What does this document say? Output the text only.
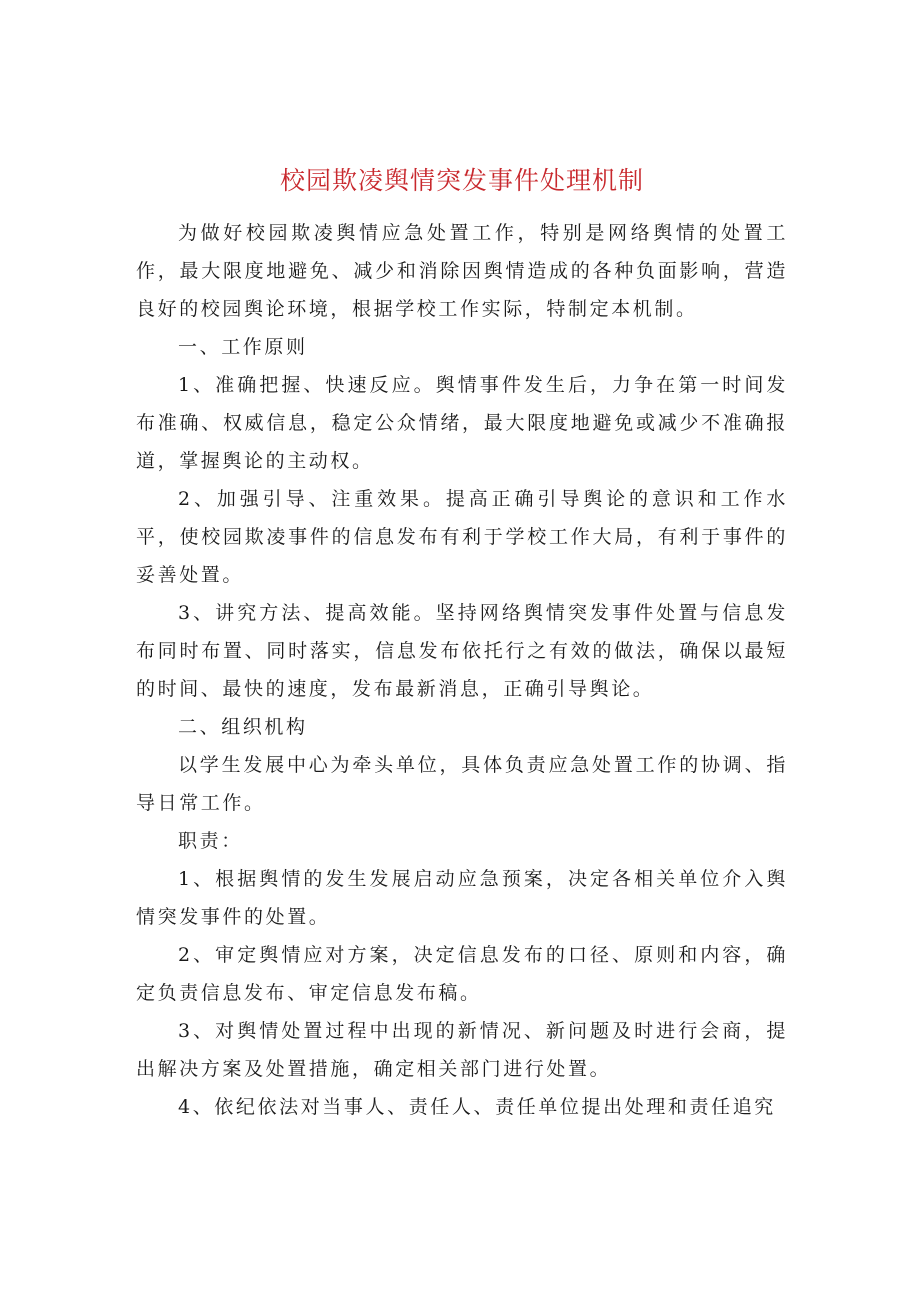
校园欺凌舆情突发事件处理机制

为做好校园欺凌舆情应急处置工作，特别是网络舆情的处置工作，最大限度地避免、减少和消除因舆情造成的各种负面影响，营造良好的校园舆论环境，根据学校工作实际，特制定本机制。

一、工作原则

1、准确把握、快速反应。舆情事件发生后，力争在第一时间发布准确、权威信息，稳定公众情绪，最大限度地避免或减少不准确报道，掌握舆论的主动权。

2、加强引导、注重效果。提高正确引导舆论的意识和工作水平，使校园欺凌事件的信息发布有利于学校工作大局，有利于事件的妥善处置。

3、讲究方法、提高效能。坚持网络舆情突发事件处置与信息发布同时布置、同时落实，信息发布依托行之有效的做法，确保以最短的时间、最快的速度，发布最新消息，正确引导舆论。

二、组织机构

以学生发展中心为牵头单位，具体负责应急处置工作的协调、指导日常工作。

职责：

1、根据舆情的发生发展启动应急预案，决定各相关单位介入舆情突发事件的处置。

2、审定舆情应对方案，决定信息发布的口径、原则和内容，确定负责信息发布、审定信息发布稿。

3、对舆情处置过程中出现的新情况、新问题及时进行会商，提出解决方案及处置措施，确定相关部门进行处置。

4、依纪依法对当事人、责任人、责任单位提出处理和责任追究
